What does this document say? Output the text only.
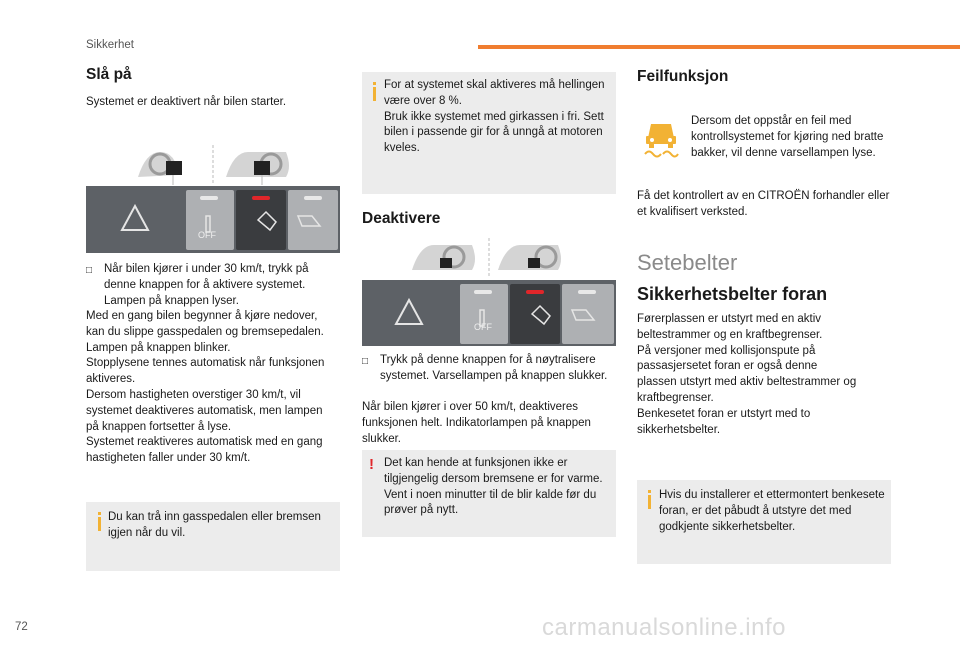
Sikkerhet
Slå på
Systemet er deaktivert når bilen starter.
OFF
□ Når bilen kjører i under 30 km/t, trykk på denne knappen for å aktivere systemet. Lampen på knappen lyser.
Med en gang bilen begynner å kjøre nedover,
kan du slippe gasspedalen og bremsepedalen.
Lampen på knappen blinker.
Stopplysene tennes automatisk når funksjonen
aktiveres.
Dersom hastigheten overstiger 30 km/t, vil
systemet deaktiveres automatisk, men lampen
på knappen fortsetter å lyse.
Systemet reaktiveres automatisk med en gang
hastigheten faller under 30 km/t.
Du kan trå inn gasspedalen eller bremsen igjen når du vil.
For at systemet skal aktiveres må hellingen være over 8 %.
Bruk ikke systemet med girkassen i fri. Sett bilen i passende gir for å unngå at motoren kveles.
Deaktivere
OFF
□ Trykk på denne knappen for å nøytralisere systemet. Varsellampen på knappen slukker.
Når bilen kjører i over 50 km/t, deaktiveres funksjonen helt. Indikatorlampen på knappen slukker.
! Det kan hende at funksjonen ikke er tilgjengelig dersom bremsene er for varme. Vent i noen minutter til de blir kalde før du prøver på nytt.
Feilfunksjon
Dersom det oppstår en feil med kontrollsystemet for kjøring ned bratte bakker, vil denne varsellampen lyse.
Få det kontrollert av en CITROËN forhandler eller et kvalifisert verksted.
Setebelter
Sikkerhetsbelter foran
Førerplassen er utstyrt med en aktiv
beltestrammer og en kraftbegrenser.
På versjoner med kollisjonspute på
passasjersetet foran er også denne
plassen utstyrt med aktiv beltestrammer og
kraftbegrenser.
Benkesetet foran er utstyrt med to
sikkerhetsbelter.
Hvis du installerer et ettermontert benkesete foran, er det påbudt å utstyre det med godkjente sikkerhetsbelter.
72	carmanualsonline.info
